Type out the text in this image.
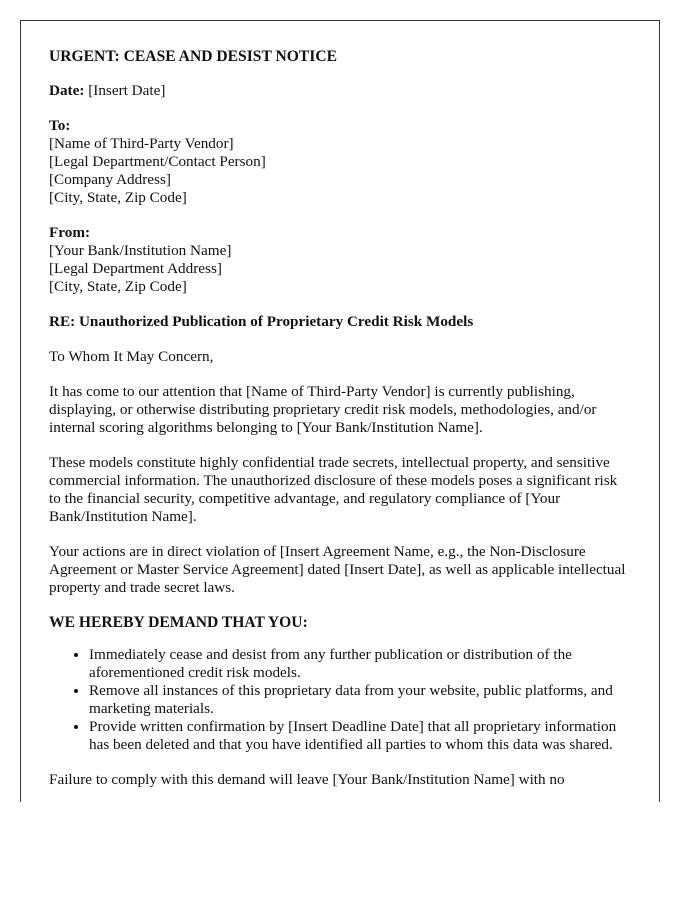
URGENT: CEASE AND DESIST NOTICE

Date: [Insert Date]

To:
[Name of Third-Party Vendor]
[Legal Department/Contact Person]
[Company Address]
[City, State, Zip Code]
From:
[Your Bank/Institution Name]
[Legal Department Address]
[City, State, Zip Code]

RE: Unauthorized Publication of Proprietary Credit Risk Models

To Whom It May Concern,

It has come to our attention that [Name of Third-Party Vendor] is currently publishing, displaying, or otherwise distributing proprietary credit risk models, methodologies, and/or internal scoring algorithms belonging to [Your Bank/Institution Name].

These models constitute highly confidential trade secrets, intellectual property, and sensitive commercial information. The unauthorized disclosure of these models poses a significant risk to the financial security, competitive advantage, and regulatory compliance of [Your Bank/Institution Name].

Your actions are in direct violation of [Insert Agreement Name, e.g., the Non-Disclosure Agreement or Master Service Agreement] dated [Insert Date], as well as applicable intellectual property and trade secret laws.

WE HEREBY DEMAND THAT YOU:
• Immediately cease and desist from any further publication or distribution of the aforementioned credit risk models.
• Remove all instances of this proprietary data from your website, public platforms, and marketing materials.
• Provide written confirmation by [Insert Deadline Date] that all proprietary information has been deleted and that you have identified all parties to whom this data was shared.

Failure to comply with this demand will leave [Your Bank/Institution Name] with no
